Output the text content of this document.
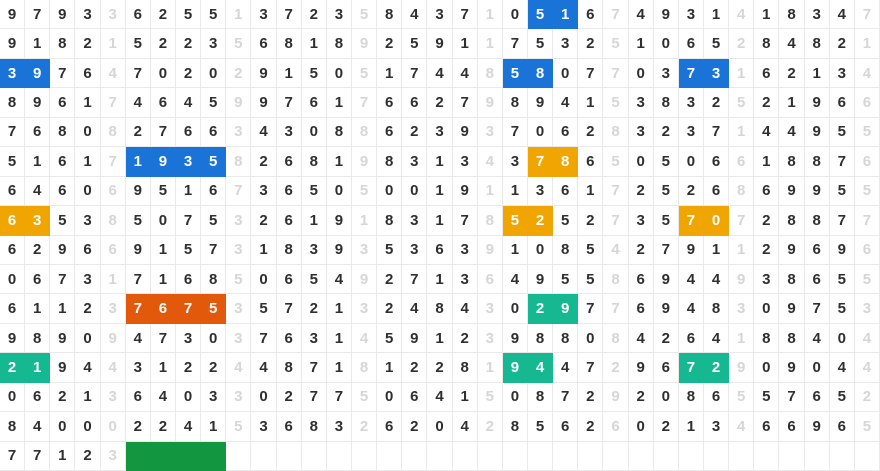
9	7	9	3	3	6	2	5	5	1	3	7	2	3	5	8	4	3	7	1	0	5	1	6	7	4	9	3	1	4	1	8	3	4	7
9	1	8	2	1	5	2	2	3	5	6	8	1	8	9	2	5	9	1	1	7	5	3	2	5	1	0	6	5	2	8	4	8	2	1
3	9	7	6	4	7	0	2	0	2	9	1	5	0	5	1	7	4	4	8	5	8	0	7	7	0	3	7	3	1	6	2	1	3	4
8	9	6	1	7	4	6	4	5	9	9	7	6	1	7	6	6	2	7	9	8	9	4	1	5	3	8	3	2	5	2	1	9	6	6
7	6	8	0	8	2	7	6	6	3	4	3	0	8	8	6	2	3	9	3	7	0	6	2	8	3	2	3	7	1	4	4	9	5	5
5	1	6	1	7	1	9	3	5	8	2	6	8	1	9	8	3	1	3	4	3	7	8	6	5	0	5	0	6	6	1	8	8	7	6
6	4	6	0	6	9	5	1	6	7	3	6	5	0	5	0	0	1	9	1	1	3	6	1	7	2	5	2	6	8	6	9	9	5	5
6	3	5	3	8	5	0	7	5	3	2	6	1	9	1	8	3	1	7	8	5	2	5	2	7	3	5	7	0	7	2	8	8	7	7
6	2	9	6	6	9	1	5	7	3	1	8	3	9	3	5	3	6	3	9	1	0	8	5	4	2	7	9	1	1	2	9	6	9	6
0	6	7	3	1	7	1	6	8	5	0	6	5	4	9	2	7	1	3	6	4	9	5	5	8	6	9	4	4	9	3	8	6	5	5
6	1	1	2	3	7	6	7	5	3	5	7	2	1	3	2	4	8	4	3	0	2	9	7	7	6	9	4	8	3	0	9	7	5	3
9	8	9	0	9	4	7	3	0	3	7	6	3	1	4	5	9	1	2	3	9	8	8	0	8	4	2	6	4	1	8	8	4	0	4
2	1	9	4	4	3	1	2	2	4	4	8	7	1	8	1	2	2	8	1	9	4	4	7	2	9	6	7	2	9	0	9	0	4	4
0	6	2	1	3	6	4	0	3	3	0	2	7	7	5	0	6	4	1	5	0	8	7	2	9	2	0	8	6	5	5	7	6	5	2
8	4	0	0	0	2	2	4	1	5	3	6	8	3	2	6	2	0	4	2	8	5	6	2	6	0	2	1	3	4	6	6	9	6	5
7	7	1	2	3
